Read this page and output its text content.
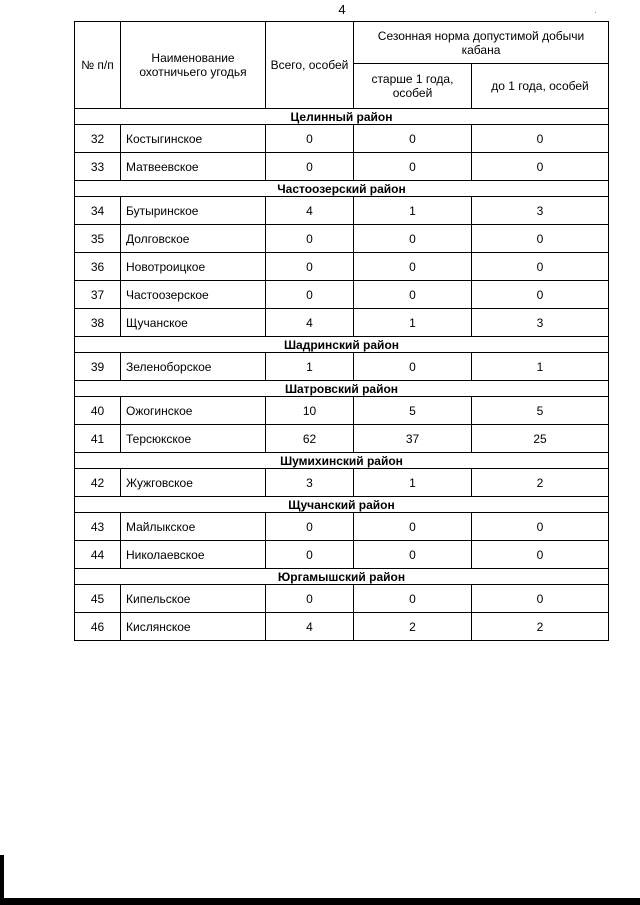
4
№ п/п	Наименование охотничьего угодья	Всего, особей	Сезонная норма допустимой добычи кабана	
			старше 1 года, особей	до 1 года, особей
Целинный район				
32	Костыгинское	0	0	0
33	Матвеевское	0	0	0
Частоозерский район				
34	Бутыринское	4	1	3
35	Долговское	0	0	0
36	Новотроицкое	0	0	0
37	Частоозерское	0	0	0
38	Щучанское	4	1	3
Шадринский район				
39	Зеленоборское	1	0	1
Шатровский район				
40	Ожогинское	10	5	5
41	Терсюкское	62	37	25
Шумихинский район				
42	Жужговское	3	1	2
Щучанский район				
43	Майлыкское	0	0	0
44	Николаевское	0	0	0
Юргамышский район				
45	Кипельское	0	0	0
46	Кислянское	4	2	2
